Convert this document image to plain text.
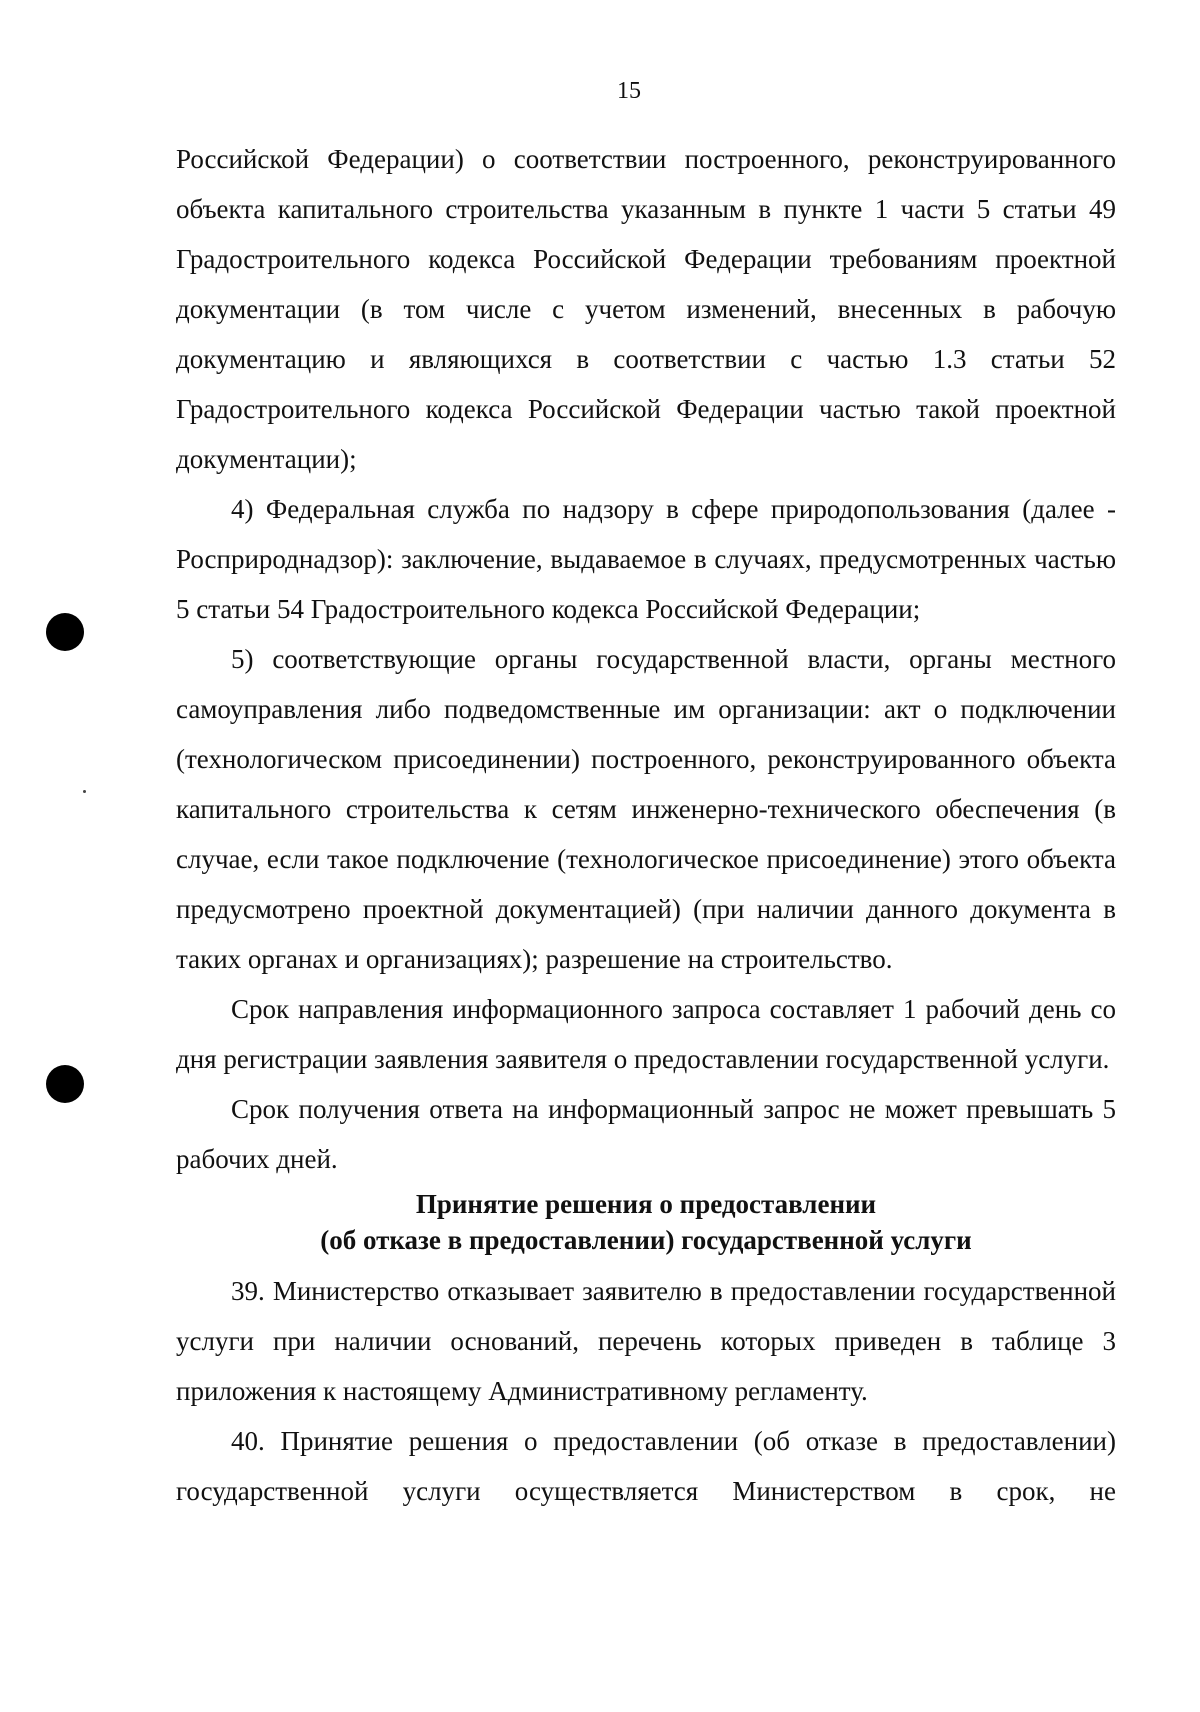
15

Российской Федерации) о соответствии построенного, реконструированного объекта капитального строительства указанным в пункте 1 части 5 статьи 49 Градостроительного кодекса Российской Федерации требованиям проектной документации (в том числе с учетом изменений, внесенных в рабочую документацию и являющихся в соответствии с частью 1.3 статьи 52 Градостроительного кодекса Российской Федерации частью такой проектной документации);

4) Федеральная служба по надзору в сфере природопользования (далее - Росприроднадзор): заключение, выдаваемое в случаях, предусмотренных частью 5 статьи 54 Градостроительного кодекса Российской Федерации;

5) соответствующие органы государственной власти, органы местного самоуправления либо подведомственные им организации: акт о подключении (технологическом присоединении) построенного, реконструированного объекта капитального строительства к сетям инженерно-технического обеспечения (в случае, если такое подключение (технологическое присоединение) этого объекта предусмотрено проектной документацией) (при наличии данного документа в таких органах и организациях); разрешение на строительство.

Срок направления информационного запроса составляет 1 рабочий день со дня регистрации заявления заявителя о предоставлении государственной услуги.

Срок получения ответа на информационный запрос не может превышать 5 рабочих дней.

Принятие решения о предоставлении
(об отказе в предоставлении) государственной услуги

39. Министерство отказывает заявителю в предоставлении государственной услуги при наличии оснований, перечень которых приведен в таблице 3 приложения к настоящему Административному регламенту.

40. Принятие решения о предоставлении (об отказе в предоставлении) государственной услуги осуществляется Министерством в срок, не
